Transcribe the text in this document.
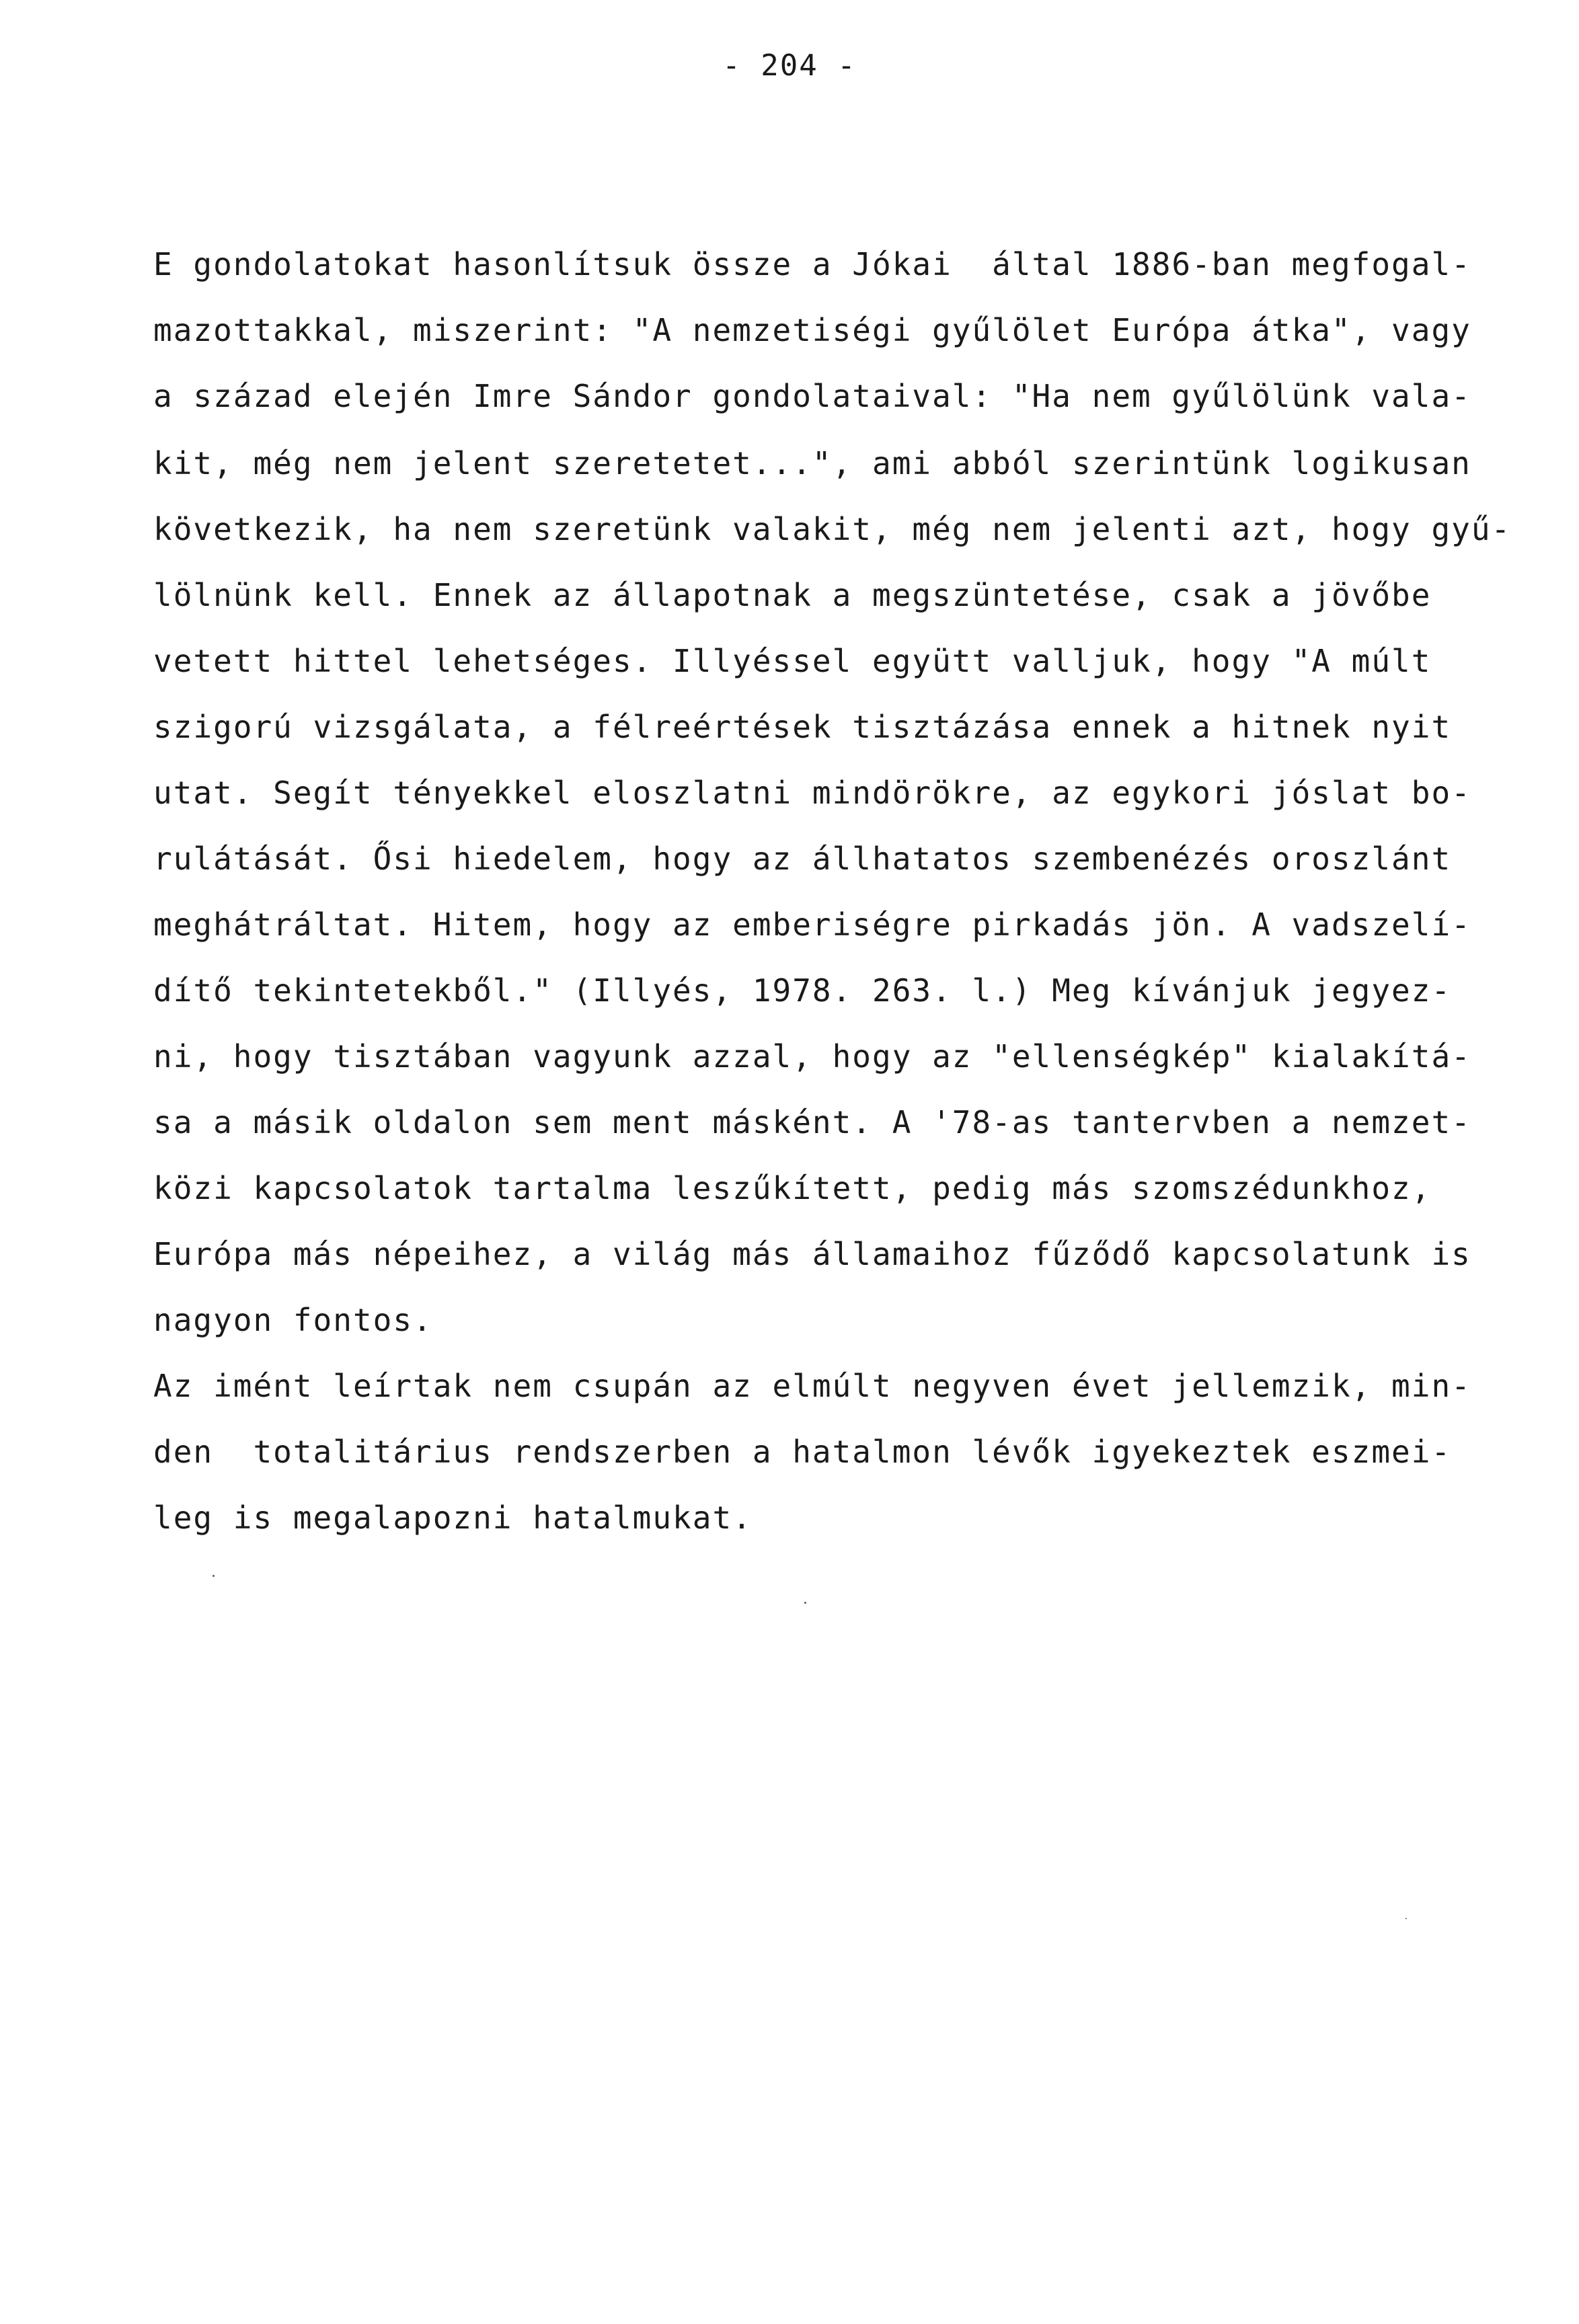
- 204 -
E gondolatokat hasonlítsuk össze a Jókai  által 1886-ban megfogal-
mazottakkal, miszerint: "A nemzetiségi gyűlölet Európa átka", vagy
a század elején Imre Sándor gondolataival: "Ha nem gyűlölünk vala-
kit, még nem jelent szeretetet...", ami abból szerintünk logikusan
következik, ha nem szeretünk valakit, még nem jelenti azt, hogy gyű-
lölnünk kell. Ennek az állapotnak a megszüntetése, csak a jövőbe
vetett hittel lehetséges. Illyéssel együtt valljuk, hogy "A múlt
szigorú vizsgálata, a félreértések tisztázása ennek a hitnek nyit
utat. Segít tényekkel eloszlatni mindörökre, az egykori jóslat bo-
rulátását. Ősi hiedelem, hogy az állhatatos szembenézés oroszlánt
meghátráltat. Hitem, hogy az emberiségre pirkadás jön. A vadszelí-
dítő tekintetekből." (Illyés, 1978. 263. l.) Meg kívánjuk jegyez-
ni, hogy tisztában vagyunk azzal, hogy az "ellenségkép" kialakítá-
sa a másik oldalon sem ment másként. A '78-as tantervben a nemzet-
közi kapcsolatok tartalma leszűkített, pedig más szomszédunkhoz,
Európa más népeihez, a világ más államaihoz fűződő kapcsolatunk is
nagyon fontos.
Az imént leírtak nem csupán az elmúlt negyven évet jellemzik, min-
den  totalitárius rendszerben a hatalmon lévők igyekeztek eszmei-
leg is megalapozni hatalmukat.
